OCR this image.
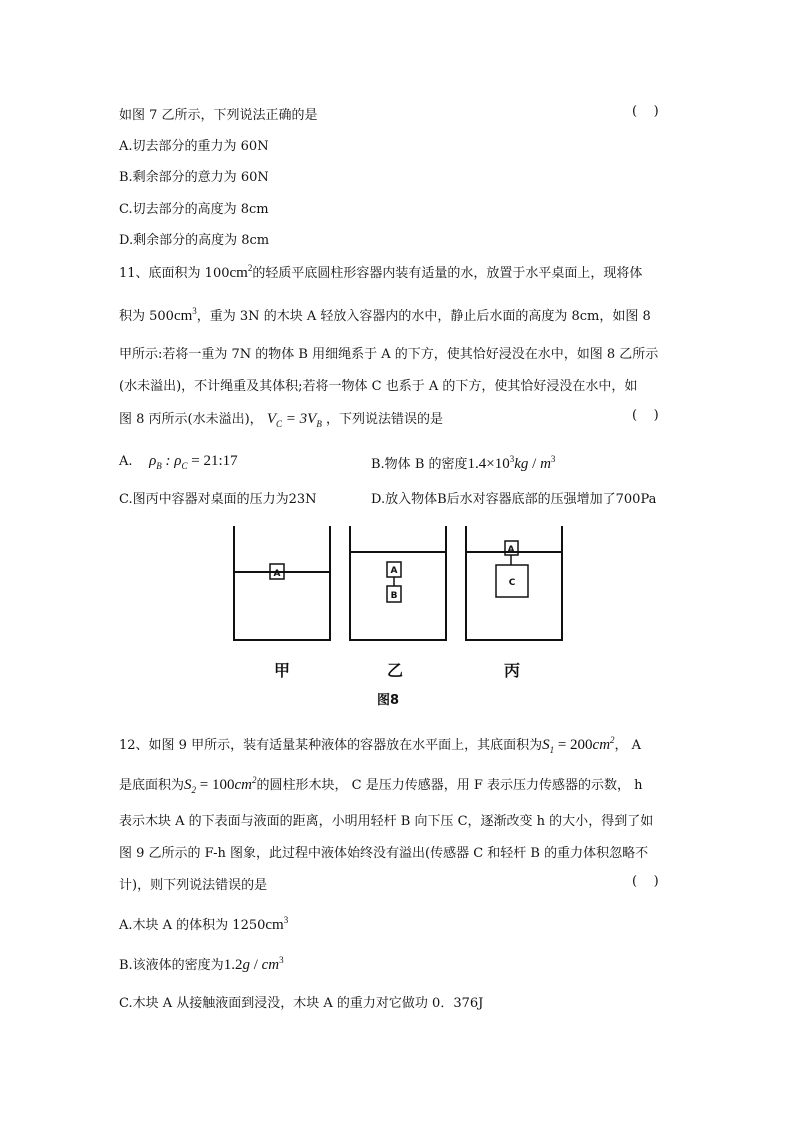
如图 7 乙所示，下列说法正确的是	(    )
A.切去部分的重力为 60N
B.剩余部分的意力为 60N
C.切去部分的高度为 8cm
D.剩余部分的高度为 8cm
11、底面积为 $100cm^2$的轻质平底圆柱形容器内装有适量的水，放置于水平桌面上，现将体
积为 $500cm^3$，重为 3N 的木块 A 轻放入容器内的水中，静止后水面的高度为 8cm，如图 8
甲所示:若将一重为 7N 的物体 B 用细绳系于 A 的下方，使其恰好浸没在水中，如图 8 乙所示
(水未溢出)，不计绳重及其体积;若将一物体 C 也系于 A 的下方，使其恰好浸没在水中，如
图 8 丙所示(水未溢出)， $V_C = 3V_B$ ，下列说法错误的是	(    )
A. $\rho_B$ : $\rho_C$ = 21:17	B.物体 B 的密度$1.4\times 10^3kg / m^3$
C.图丙中容器对桌面的压力为23N	D.放入物体B后水对容器底部的压强增加了700Pa
A	A
B
A
C
甲	乙	丙
图8
12、如图 9 甲所示，装有适量某种液体的容器放在水平面上，其底面积为$S_1 = 200cm^2$， A
是底面积为$S_2 = 100cm^2$的圆柱形木块， C 是压力传感器，用 F 表示压力传感器的示数， h
表示木块 A 的下表面与液面的距离，小明用轻杆 B 向下压 C，逐渐改变 h 的大小，得到了如
图 9 乙所示的 F-h 图象，此过程中液体始终没有溢出(传感器 C 和轻杆 B 的重力体积忽略不
计)，则下列说法错误的是	(    )
A.木块 A 的体积为 $1250cm^3$
B.该液体的密度为$1.2g / cm^3$
C.木块 A 从接触液面到浸没，木块 A 的重力对它做功 0．376J
